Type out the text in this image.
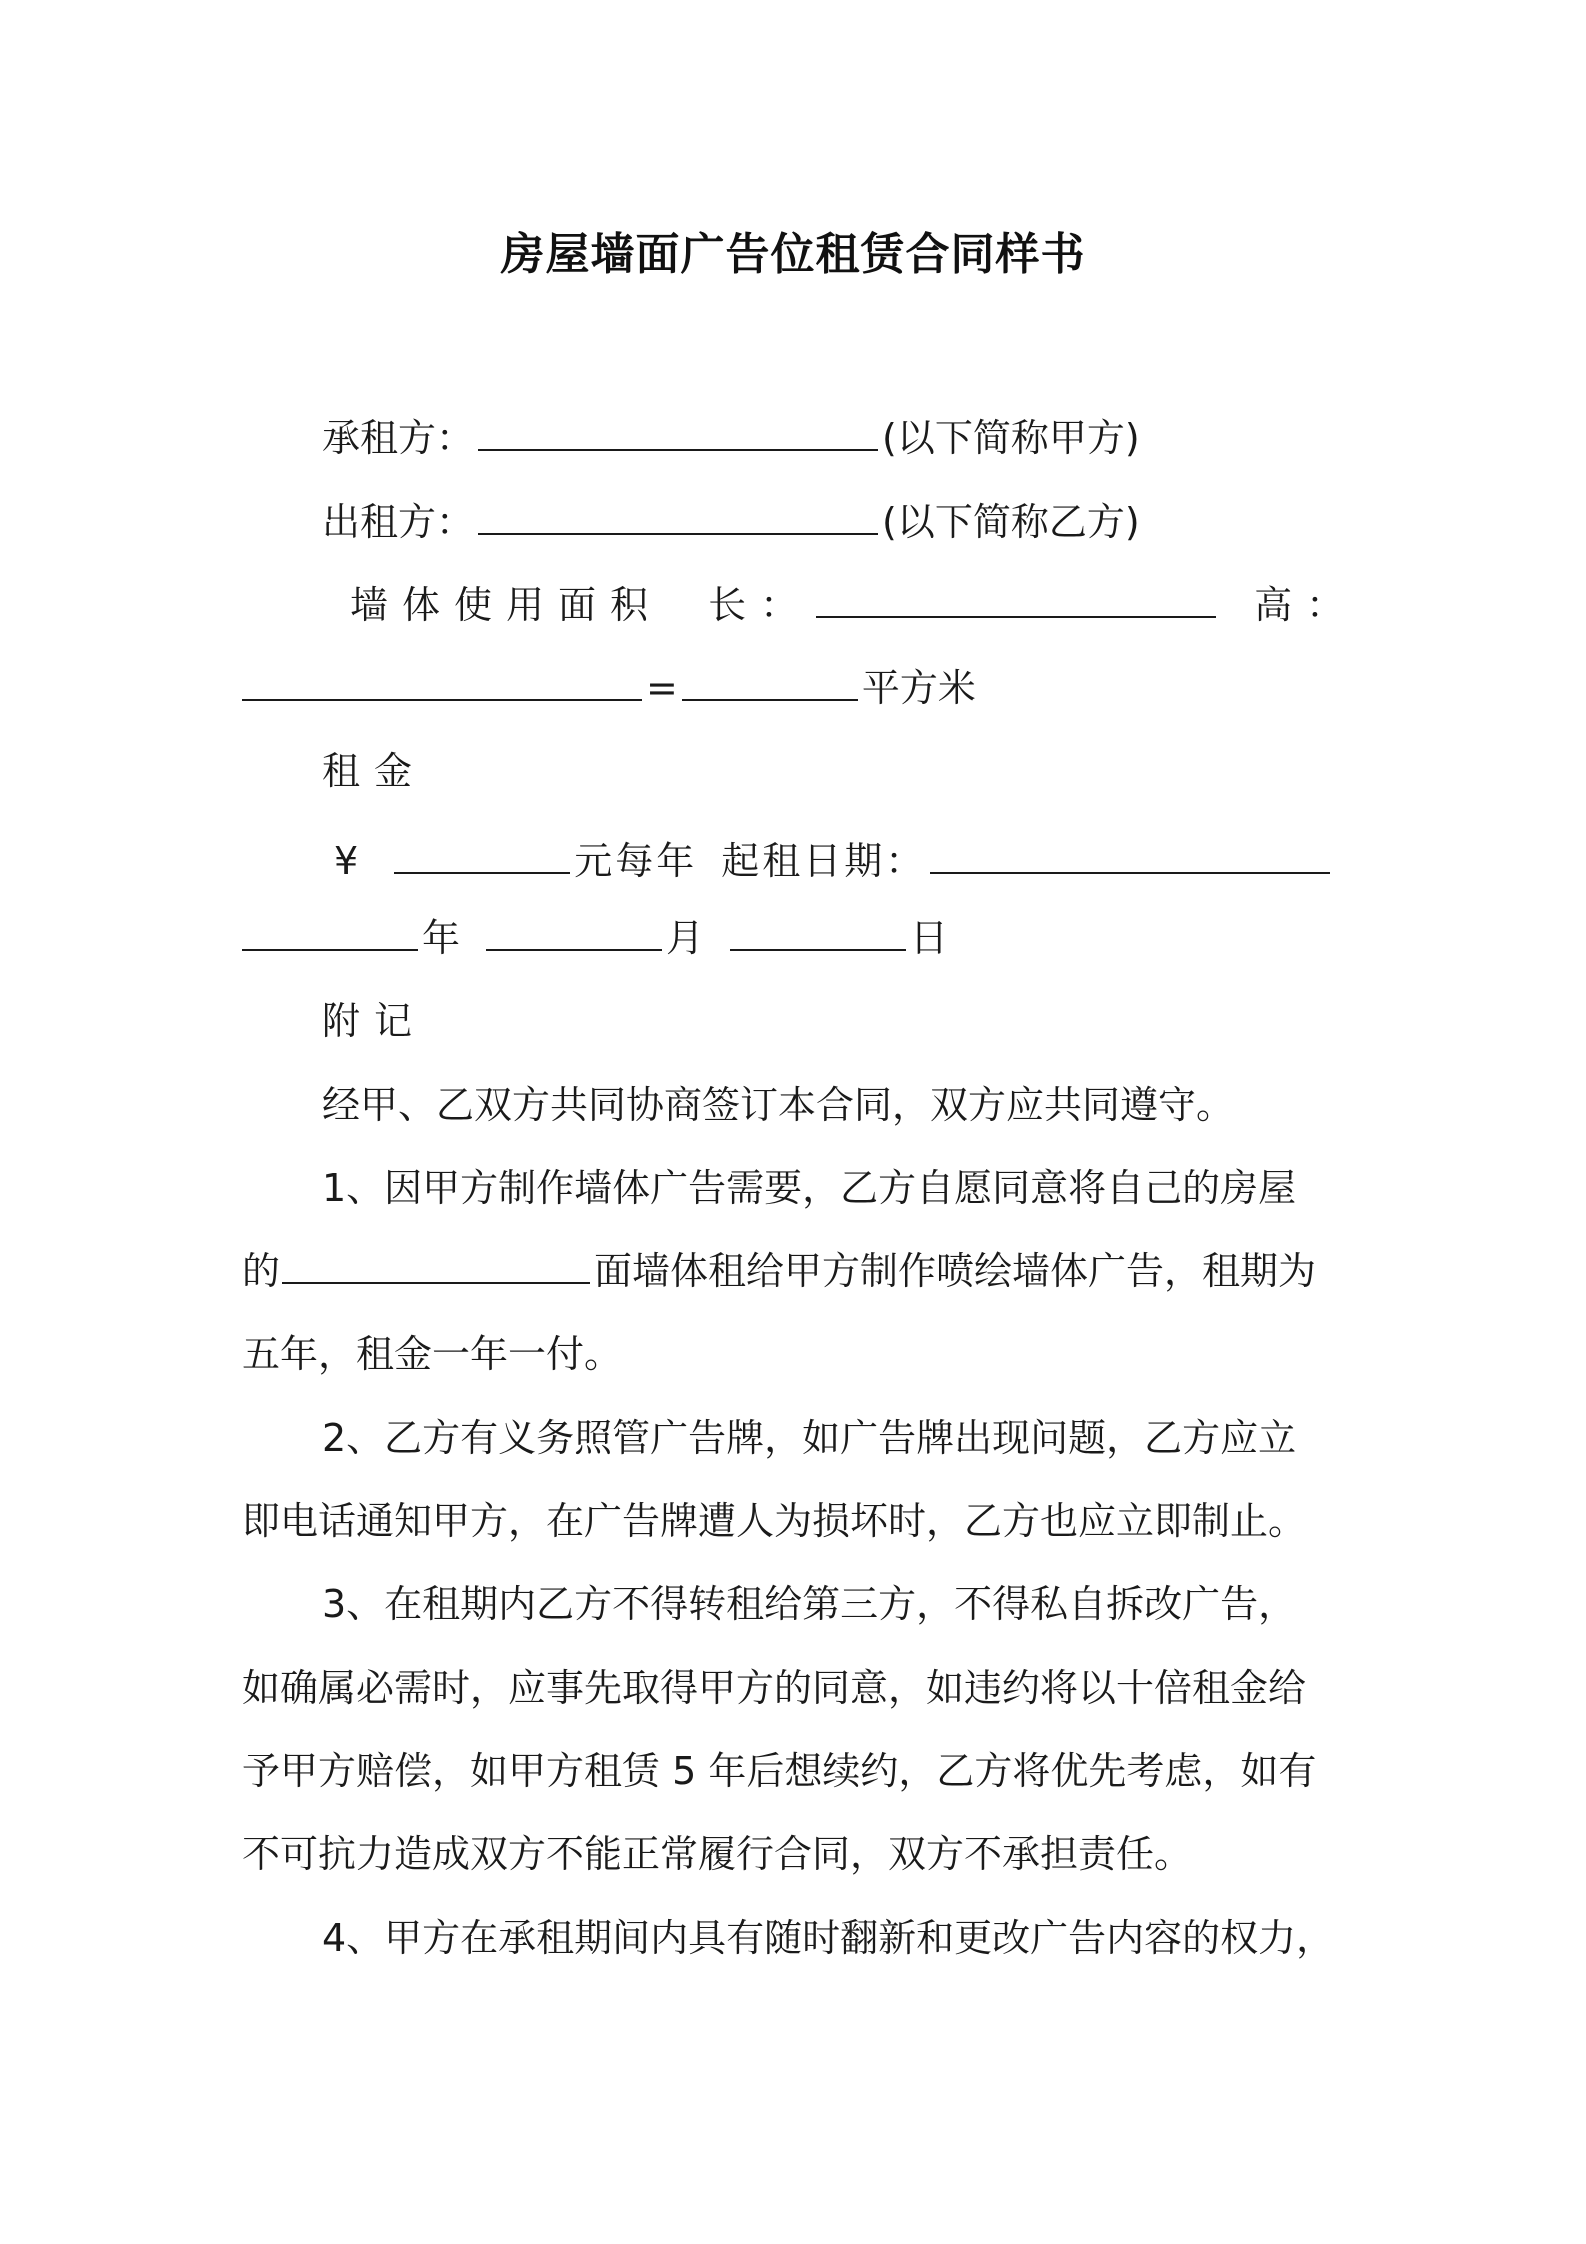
房屋墙面广告位租赁合同样书
承租方：	(以下简称甲方)
出租方：	(以下简称乙方)
墙体使用面积 长：	高：
=	平方米
租金
¥	元每年 起租日期：
年	月	日
附记
经甲、乙双方共同协商签订本合同，双方应共同遵守。
1、因甲方制作墙体广告需要，乙方自愿同意将自己的房屋
的	面墙体租给甲方制作喷绘墙体广告，租期为
五年，租金一年一付。
2、乙方有义务照管广告牌，如广告牌出现问题，乙方应立
即电话通知甲方，在广告牌遭人为损坏时，乙方也应立即制止。
3、在租期内乙方不得转租给第三方，不得私自拆改广告，
如确属必需时，应事先取得甲方的同意，如违约将以十倍租金给
予甲方赔偿，如甲方租赁 5 年后想续约，乙方将优先考虑，如有
不可抗力造成双方不能正常履行合同，双方不承担责任。
4、甲方在承租期间内具有随时翻新和更改广告内容的权力，
